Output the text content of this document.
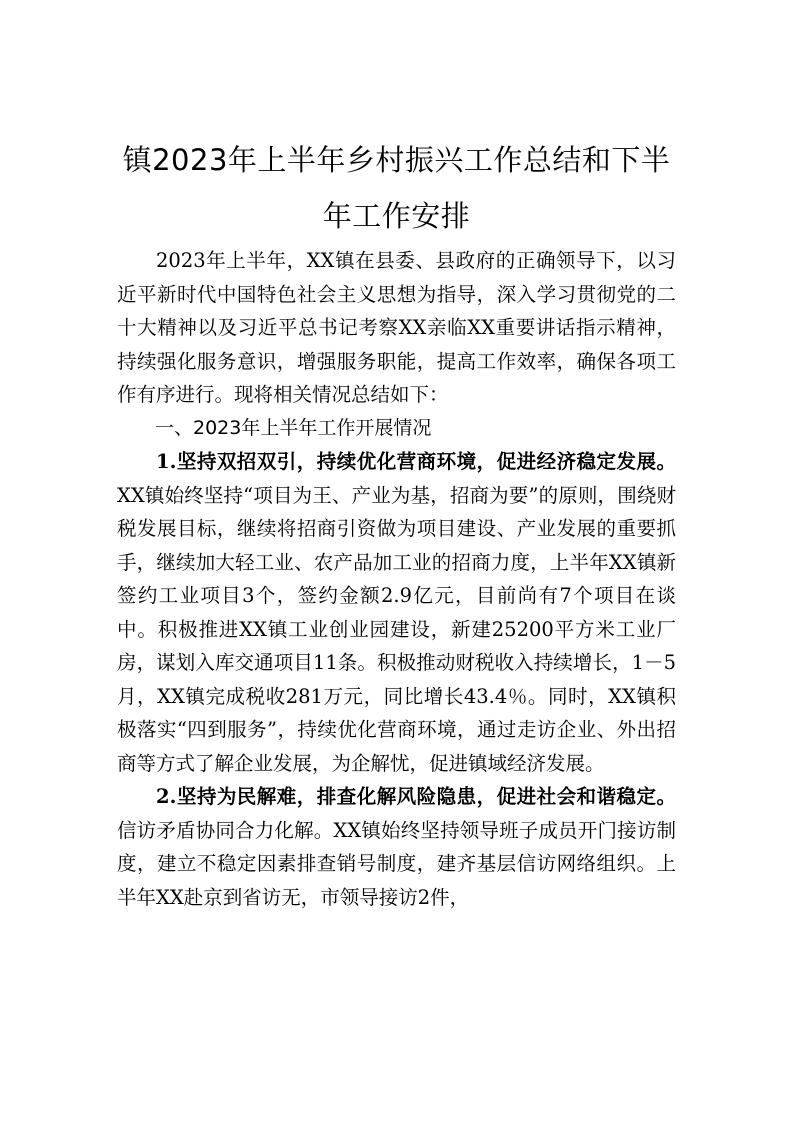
镇2023年上半年乡村振兴工作总结和下半
年工作安排

2023年上半年，XX镇在县委、县政府的正确领导下，以习近平新时代中国特色社会主义思想为指导，深入学习贯彻党的二十大精神以及习近平总书记考察XX亲临XX重要讲话指示精神，持续强化服务意识，增强服务职能，提高工作效率，确保各项工作有序进行。现将相关情况总结如下：

一、2023年上半年工作开展情况

1.坚持双招双引，持续优化营商环境，促进经济稳定发展。XX镇始终坚持“项目为王、产业为基，招商为要”的原则，围绕财税发展目标，继续将招商引资做为项目建设、产业发展的重要抓手，继续加大轻工业、农产品加工业的招商力度，上半年XX镇新签约工业项目3个，签约金额2.9亿元，目前尚有7个项目在谈中。积极推进XX镇工业创业园建设，新建25200平方米工业厂房，谋划入库交通项目11条。积极推动财税收入持续增长，1－5月，XX镇完成税收281万元，同比增长43.4％。同时，XX镇积极落实“四到服务”，持续优化营商环境，通过走访企业、外出招商等方式了解企业发展，为企解忧，促进镇域经济发展。

2.坚持为民解难，排查化解风险隐患，促进社会和谐稳定。信访矛盾协同合力化解。XX镇始终坚持领导班子成员开门接访制度，建立不稳定因素排查销号制度，建齐基层信访网络组织。上半年XX赴京到省访无，市领导接访2件，
